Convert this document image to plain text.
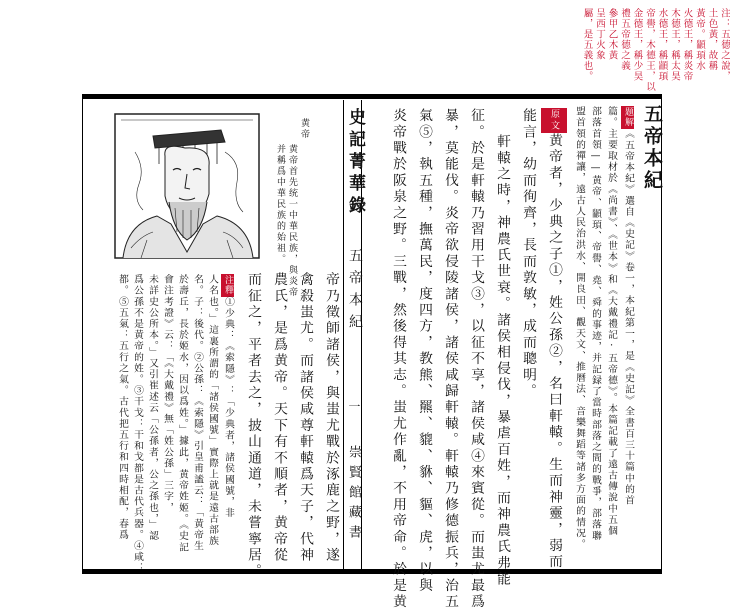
注：五德之說，
土色黃，故稱
黃帝。顓頊水
火德王，稱炎帝
木德王，稱太昊
水德王，稱顓頊
帝嚳，木德王，以
金德王，稱少昊
禮五帝德之義
參甲乙木黃
呈西丁火象
屬，是五義也。
黄帝
黄帝首先统一中華民族，與炎帝
并稱爲中華民族的始祖。	五帝本紀
題解《五帝本紀》選自《史記》卷一，本紀第一，是《史記》全書百三十篇中的首
篇。主要取材於《尚書》、《世本》和《大戴禮記·五帝德》。本篇記載了遠古傳說中五個
部落首領——黄帝、顓頊、帝嚳、堯、舜的事迹，并記録了當時部落之間的戰爭，部落聯
盟首領的禪讓，遠古人民治洪水、開良田、觀天文、推曆法、音樂舞蹈等諸多方面的情况。
原文黄帝者，少典之子①，姓公孫②，名曰軒轅。生而神靈，弱而
能言，幼而徇齊，長而敦敏，成而聰明。
軒轅之時，神農氏世衰。諸侯相侵伐，暴虐百姓，而神農氏弗能
征。於是軒轅乃習用干戈③，以征不享，諸侯咸④來賓從。而蚩尤最爲
暴，莫能伐。炎帝欲侵陵諸侯，諸侯咸歸軒轅。軒轅乃修德振兵，治五
氣⑤，執五種，撫萬民，度四方，教熊、羆、貔、貅、貙、虎，以與
炎帝戰於阪泉之野。三戰，然後得其志。蚩尤作亂，不用帝命。於是黄
史記菁華錄
五帝本紀
一
崇賢館藏書
帝乃徵師諸侯，與蚩尤戰於涿鹿之野，遂
禽殺蚩尤。而諸侯咸尊軒轅爲天子，代神
農氏，是爲黄帝。天下有不順者，黄帝從
而征之，平者去之，披山通道，未嘗寧居。
注釋①少典：《索隱》：「少典者，諸侯國號，非
人名也。」這裏所謂的「諸侯國號」實際上就是遠古部族
名。子：後代。②公孫：《索隱》引皇甫謐云：「黄帝生
於壽丘，長於姬水，因以爲姓。」據此，黄帝姓姬。《史記
會注考證》云：「《大戴禮》無「姓公孫」三字，
未詳史公所本。」又引崔述云「公孫者，公之孫也，」認
爲公孫不是黄帝的姓。③干戈：干和戈都是古代兵器。④咸：
都。⑤五氣：五行之氣。古代把五行和四時相配，春爲
